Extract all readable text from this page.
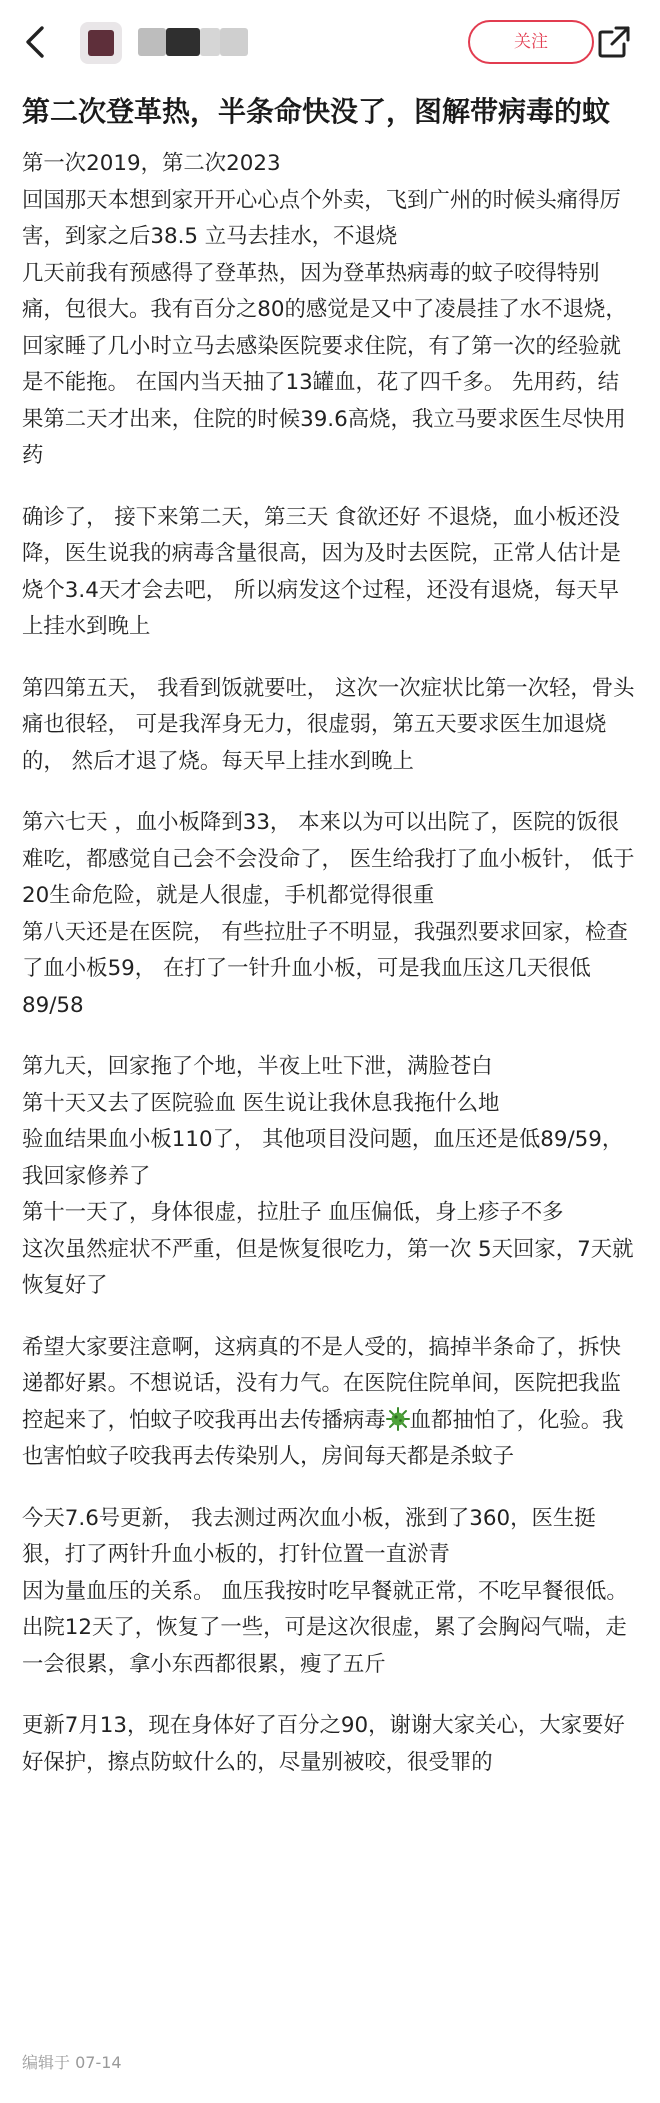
关注
第二次登革热，半条命快没了，图解带病毒的蚊

第一次2019，第二次2023
回国那天本想到家开开心心点个外卖，飞到广州的时候头痛得厉害，到家之后38.5 立马去挂水，不退烧
几天前我有预感得了登革热，因为登革热病毒的蚊子咬得特别痛，包很大。我有百分之80的感觉是又中了凌晨挂了水不退烧，回家睡了几小时立马去感染医院要求住院，有了第一次的经验就是不能拖。 在国内当天抽了13罐血，花了四千多。 先用药，结果第二天才出来，住院的时候39.6高烧，我立马要求医生尽快用药

确诊了， 接下来第二天，第三天 食欲还好 不退烧，血小板还没降，医生说我的病毒含量很高，因为及时去医院，正常人估计是烧个3.4天才会去吧， 所以病发这个过程，还没有退烧，每天早上挂水到晚上

第四第五天， 我看到饭就要吐， 这次一次症状比第一次轻，骨头痛也很轻， 可是我浑身无力，很虚弱，第五天要求医生加退烧的， 然后才退了烧。每天早上挂水到晚上

第六七天 ，血小板降到33， 本来以为可以出院了，医院的饭很难吃，都感觉自己会不会没命了， 医生给我打了血小板针， 低于20生命危险，就是人很虚，手机都觉得很重
第八天还是在医院， 有些拉肚子不明显，我强烈要求回家，检查了血小板59， 在打了一针升血小板，可是我血压这几天很低 89/58

第九天，回家拖了个地，半夜上吐下泄，满脸苍白
第十天又去了医院验血 医生说让我休息我拖什么地
验血结果血小板110了， 其他项目没问题，血压还是低89/59，我回家修养了
第十一天了，身体很虚，拉肚子 血压偏低，身上疹子不多
这次虽然症状不严重，但是恢复很吃力，第一次 5天回家，7天就恢复好了

希望大家要注意啊，这病真的不是人受的，搞掉半条命了，拆快递都好累。不想说话，没有力气。在医院住院单间，医院把我监控起来了，怕蚊子咬我再出去传播病毒 血都抽怕了，化验。我也害怕蚊子咬我再去传染别人，房间每天都是杀蚊子

今天7.6号更新， 我去测过两次血小板，涨到了360，医生挺狠，打了两针升血小板的，打针位置一直淤青
因为量血压的关系。 血压我按时吃早餐就正常，不吃早餐很低。
出院12天了，恢复了一些，可是这次很虚，累了会胸闷气喘，走一会很累，拿小东西都很累，瘦了五斤

更新7月13，现在身体好了百分之90，谢谢大家关心，大家要好好保护，擦点防蚊什么的，尽量别被咬，很受罪的

编辑于 07-14
